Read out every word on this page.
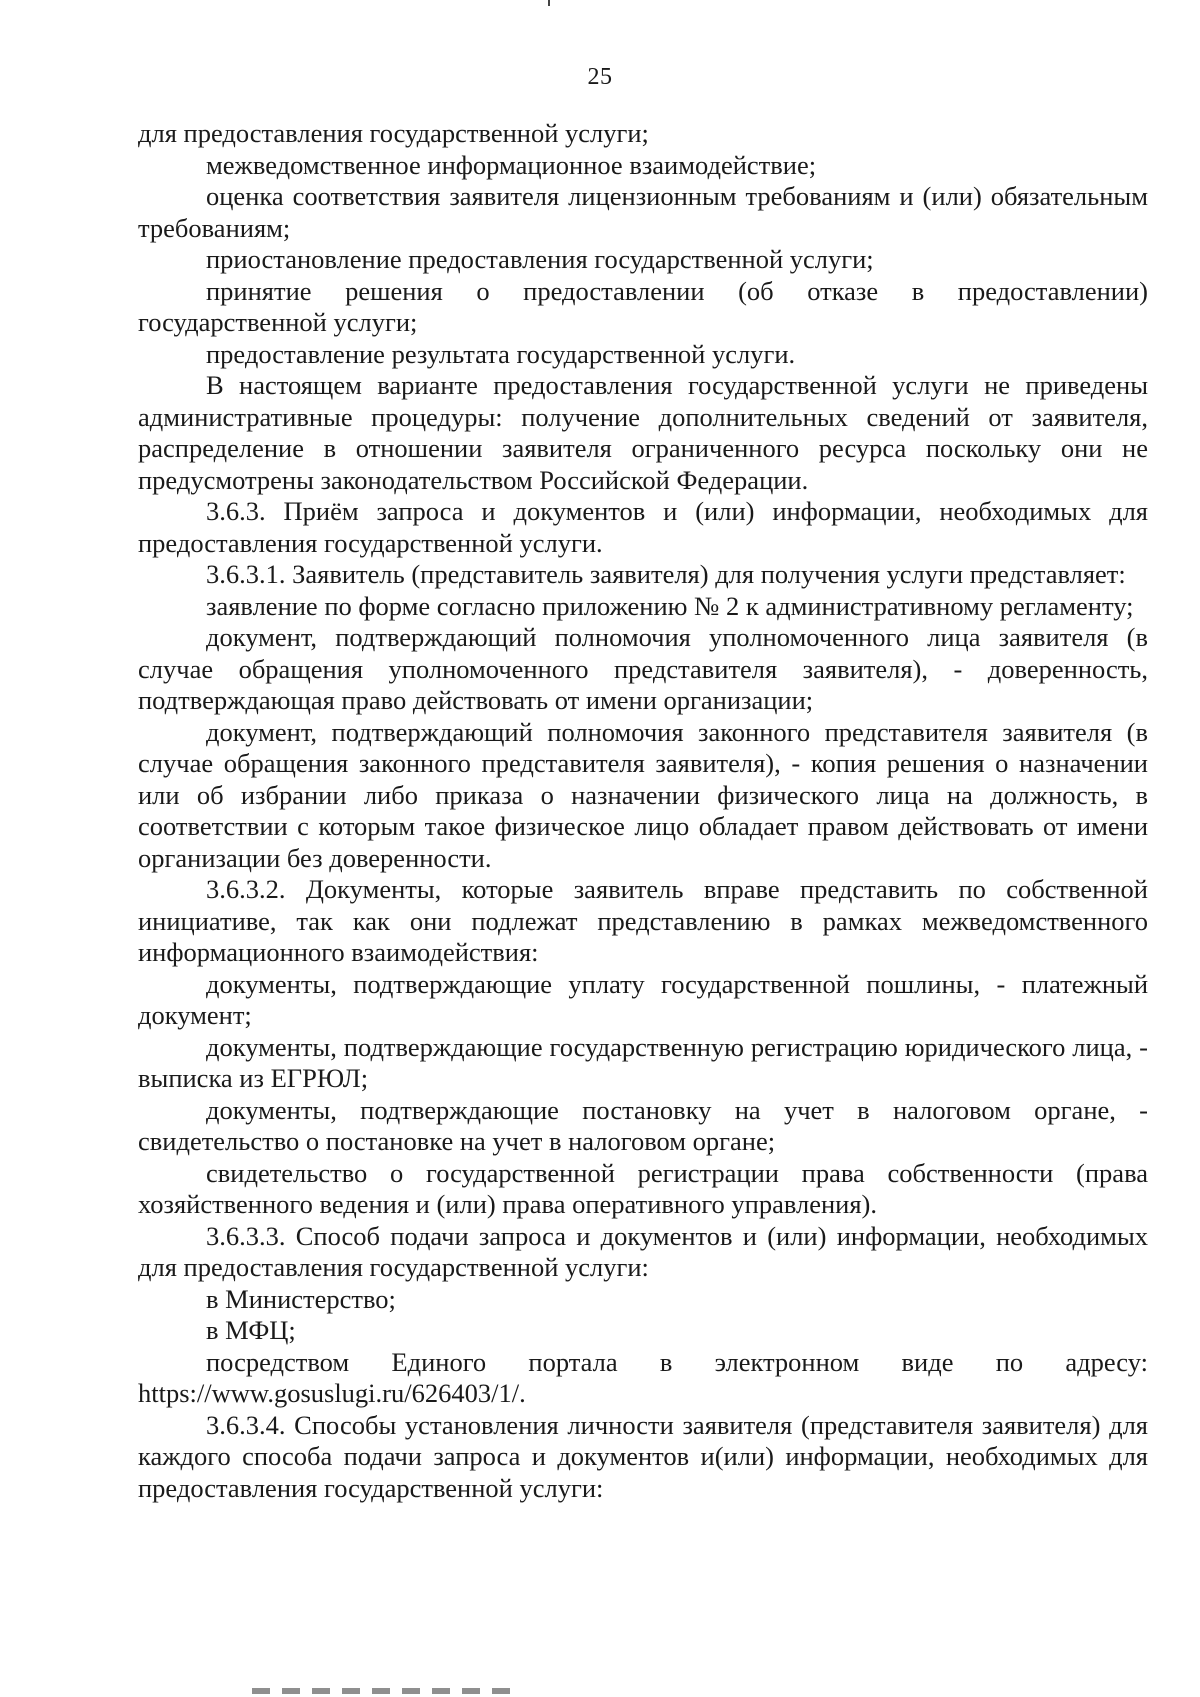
25

для предоставления государственной услуги;

межведомственное информационное взаимодействие;

оценка соответствия заявителя лицензионным требованиям и (или) обязательным требованиям;

приостановление предоставления государственной услуги;

принятие решения о предоставлении (об отказе в предоставлении) государственной услуги;

предоставление результата государственной услуги.

В настоящем варианте предоставления государственной услуги не приведены административные процедуры: получение дополнительных сведений от заявителя, распределение в отношении заявителя ограниченного ресурса поскольку они не предусмотрены законодательством Российской Федерации.

3.6.3. Приём запроса и документов и (или) информации, необходимых для предоставления государственной услуги.

3.6.3.1. Заявитель (представитель заявителя) для получения услуги представляет:

заявление по форме согласно приложению № 2 к административному регламенту;

документ, подтверждающий полномочия уполномоченного лица заявителя (в случае обращения уполномоченного представителя заявителя), - доверенность, подтверждающая право действовать от имени организации;

документ, подтверждающий полномочия законного представителя заявителя (в случае обращения законного представителя заявителя), - копия решения о назначении или об избрании либо приказа о назначении физического лица на должность, в соответствии с которым такое физическое лицо обладает правом действовать от имени организации без доверенности.

3.6.3.2. Документы, которые заявитель вправе представить по собственной инициативе, так как они подлежат представлению в рамках межведомственного информационного взаимодействия:

документы, подтверждающие уплату государственной пошлины, - платежный документ;

документы, подтверждающие государственную регистрацию юридического лица, - выписка из ЕГРЮЛ;

документы, подтверждающие постановку на учет в налоговом органе, - свидетельство о постановке на учет в налоговом органе;

свидетельство о государственной регистрации права собственности (права хозяйственного ведения и (или) права оперативного управления).

3.6.3.3. Способ подачи запроса и документов и (или) информации, необходимых для предоставления государственной услуги:

в Министерство;

в МФЦ;

посредством Единого портала в электронном виде по адресу: https://www.gosuslugi.ru/626403/1/.

3.6.3.4. Способы установления личности заявителя (представителя заявителя) для каждого способа подачи запроса и документов и(или) информации, необходимых для предоставления государственной услуги:
